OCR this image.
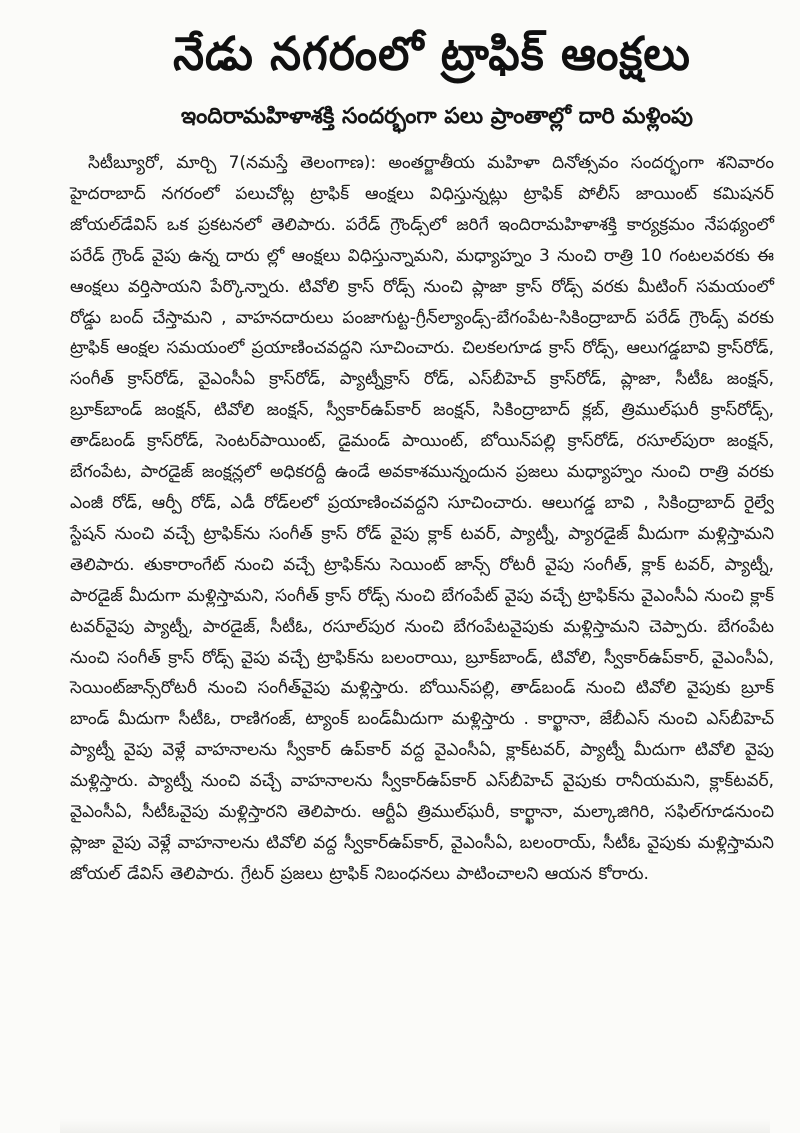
నేడు నగరంలో ట్రాఫిక్ ఆంక్షలు
ఇందిరామహిళాశక్తి సందర్భంగా పలు ప్రాంతాల్లో దారి మళ్లింపు
సిటీబ్యూరో, మార్చి 7(నమస్తే తెలంగాణ): అంతర్జాతీయ మహిళా దినోత్సవం సందర్భంగా శనివారం హైదరాబాద్ నగరంలో పలుచోట్ల ట్రాఫిక్ ఆంక్షలు విధిస్తున్నట్లు ట్రాఫిక్ పోలీస్ జాయింట్ కమిషనర్ జోయల్‌డేవిస్ ఒక ప్రకటనలో తెలిపారు. పరేడ్ గ్రౌండ్స్‌లో జరిగే ఇందిరామహిళాశక్తి కార్యక్రమం నేపథ్యంలో పరేడ్ గ్రౌండ్ వైపు ఉన్న దారు ల్లో ఆంక్షలు విధిస్తున్నామని, మధ్యాహ్నం 3 నుంచి రాత్రి 10 గంటలవరకు ఈ ఆంక్షలు వర్తిసాయని పేర్కొన్నారు. టివోలి క్రాస్ రోడ్స్ నుంచి ప్లాజా క్రాస్ రోడ్స్ వరకు మీటింగ్ సమయంలో రోడ్డు బంద్ చేస్తామని , వాహనదారులు పంజాగుట్ట-గ్రీన్‌ల్యాండ్స్-బేగంపేట-సికింద్రాబాద్ పరేడ్ గ్రౌండ్స్ వరకు ట్రాఫిక్ ఆంక్షల సమయంలో ప్రయాణించవద్దని సూచించారు. చిలకలగూడ క్రాస్ రోడ్స్, ఆలుగడ్డబావి క్రాస్‌రోడ్, సంగీత్ క్రాస్‌రోడ్, వైఎంసీఏ క్రాస్‌రోడ్, ప్యాట్నీక్రాస్ రోడ్, ఎస్‌బీహెచ్ క్రాస్‌రోడ్, ప్లాజా, సీటీఓ జంక్షన్, బ్రూక్‌బాండ్ జంక్షన్, టివోలి జంక్షన్, స్వీకార్‌ఉప్‌కార్ జంక్షన్, సికింద్రాబాద్ క్లబ్, త్రిముల్‌ఘరీ క్రాస్‌రోడ్స్, తాడ్‌బండ్ క్రాస్‌రోడ్, సెంటర్‌పాయింట్, డైమండ్ పాయింట్, బోయిన్‌పల్లి క్రాస్‌రోడ్, రసూల్‌పురా జంక్షన్, బేగంపేట, పారడైజ్ జంక్షన్లలో అధికరద్దీ ఉండే అవకాశమున్నందున ప్రజలు మధ్యాహ్నం నుంచి రాత్రి వరకు ఎంజీ రోడ్, ఆర్పీ రోడ్, ఎడీ రోడ్‌లలో ప్రయాణించవద్దని సూచించారు. ఆలుగడ్డ బావి , సికింద్రాబాద్ రైల్వే స్టేషన్ నుంచి వచ్చే ట్రాఫిక్‌ను సంగీత్ క్రాస్ రోడ్ వైపు క్లాక్ టవర్, ప్యాట్నీ, ప్యారడైజ్ మీదుగా మళ్లిస్తామని తెలిపారు. తుకారాంగేట్ నుంచి వచ్చే ట్రాఫిక్‌ను సెయింట్ జాన్స్ రోటరీ వైపు సంగీత్, క్లాక్ టవర్, ప్యాట్నీ, పారడైజ్ మీదుగా మళ్లిస్తామని, సంగీత్ క్రాస్ రోడ్స్ నుంచి బేగంపేట్ వైపు వచ్చే ట్రాఫిక్‌ను వైఎంసీఏ నుంచి క్లాక్ టవర్‌వైపు ప్యాట్నీ, పారడైజ్, సీటీఓ, రసూల్‌పుర నుంచి బేగంపేటవైపుకు మళ్లిస్తామని చెప్పారు. బేగంపేట నుంచి సంగీత్ క్రాస్ రోడ్స్ వైపు వచ్చే ట్రాఫిక్‌ను బలంరాయి, బ్రూక్‌బాండ్, టివోలి, స్వీకార్‌ఉప్‌కార్, వైఎంసీఏ, సెయింట్‌జాన్స్‌రోటరీ నుంచి సంగీత్‌వైపు మళ్లిస్తారు. బోయిన్‌పల్లి, తాడ్‌బండ్ నుంచి టివోలి వైపుకు బ్రూక్ బాండ్ మీదుగా సీటీఓ, రాణిగంజ్, ట్యాంక్ బండ్‌మీదుగా మళ్లిస్తారు . కార్ఖానా, జేబీఎస్ నుంచి ఎస్‌బీహెచ్ ప్యాట్నీ వైపు వెళ్లే వాహనాలను స్వీకార్ ఉప్‌కార్ వద్ద వైఎంసీఏ, క్లాక్‌టవర్, ప్యాట్నీ మీదుగా టివోలి వైపు మళ్లిస్తారు. ప్యాట్నీ నుంచి వచ్చే వాహనాలను స్వీకార్‌ఉప్‌కార్ ఎస్‌బీహెచ్ వైపుకు రానీయమని, క్లాక్‌టవర్, వైఎంసీఏ, సీటీఓవైపు మళ్లిస్తారని తెలిపారు. ఆర్టీఏ త్రిముల్‌ఘరీ, కార్ఖానా, మల్కాజిగిరి, సఫిల్‌గూడనుంచి ప్లాజా వైపు వెళ్లే వాహనాలను టివోలి వద్ద స్వీకార్‌ఉప్‌కార్, వైఎంసీఏ, బలంరాయ్, సీటీఓ వైపుకు మళ్లిస్తామని జోయల్ డేవిస్ తెలిపారు. గ్రేటర్ ప్రజలు ట్రాఫిక్ నిబంధనలు పాటించాలని ఆయన కోరారు.
